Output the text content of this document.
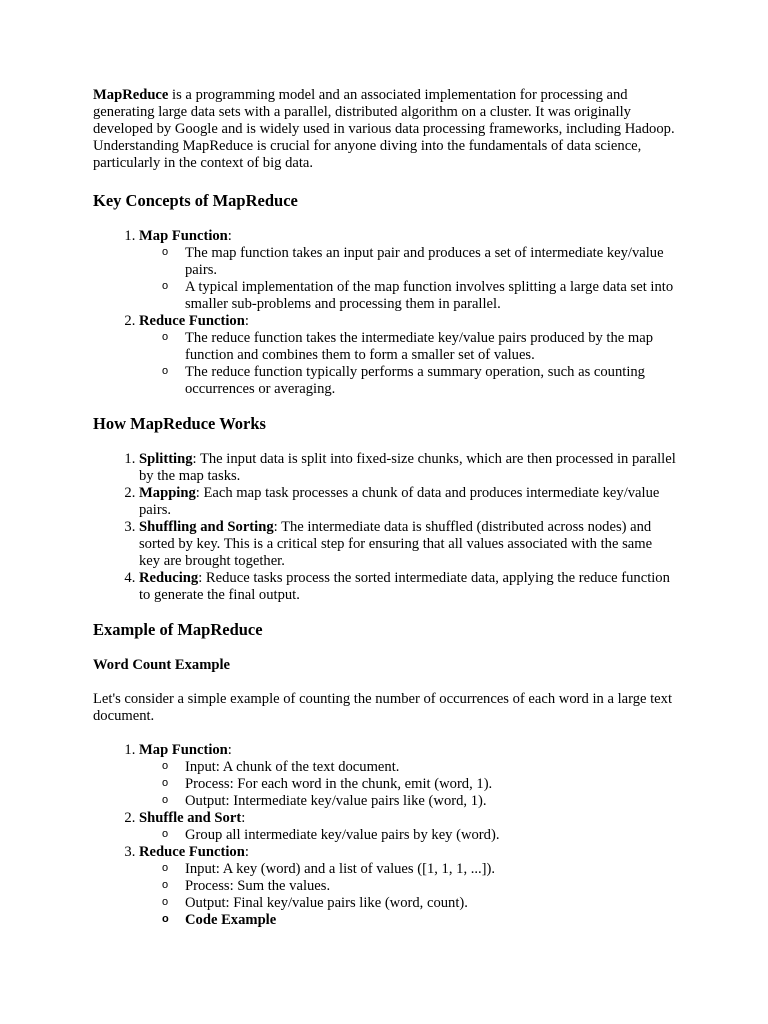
MapReduce is a programming model and an associated implementation for processing and generating large data sets with a parallel, distributed algorithm on a cluster. It was originally developed by Google and is widely used in various data processing frameworks, including Hadoop. Understanding MapReduce is crucial for anyone diving into the fundamentals of data science, particularly in the context of big data.

Key Concepts of MapReduce
1. Map Function:
o The map function takes an input pair and produces a set of intermediate key/value pairs.
o A typical implementation of the map function involves splitting a large data set into smaller sub-problems and processing them in parallel.
2. Reduce Function:
o The reduce function takes the intermediate key/value pairs produced by the map function and combines them to form a smaller set of values.
o The reduce function typically performs a summary operation, such as counting occurrences or averaging.
How MapReduce Works
1. Splitting: The input data is split into fixed-size chunks, which are then processed in parallel by the map tasks.
2. Mapping: Each map task processes a chunk of data and produces intermediate key/value pairs.
3. Shuffling and Sorting: The intermediate data is shuffled (distributed across nodes) and sorted by key. This is a critical step for ensuring that all values associated with the same key are brought together.
4. Reducing: Reduce tasks process the sorted intermediate data, applying the reduce function to generate the final output.
Example of MapReduce
Word Count Example

Let's consider a simple example of counting the number of occurrences of each word in a large text document.

1. Map Function:
o Input: A chunk of the text document.
o Process: For each word in the chunk, emit (word, 1).
o Output: Intermediate key/value pairs like (word, 1).
2. Shuffle and Sort:
o Group all intermediate key/value pairs by key (word).
3. Reduce Function:
o Input: A key (word) and a list of values ([1, 1, 1, ...]).
o Process: Sum the values.
o Output: Final key/value pairs like (word, count).
o Code Example
